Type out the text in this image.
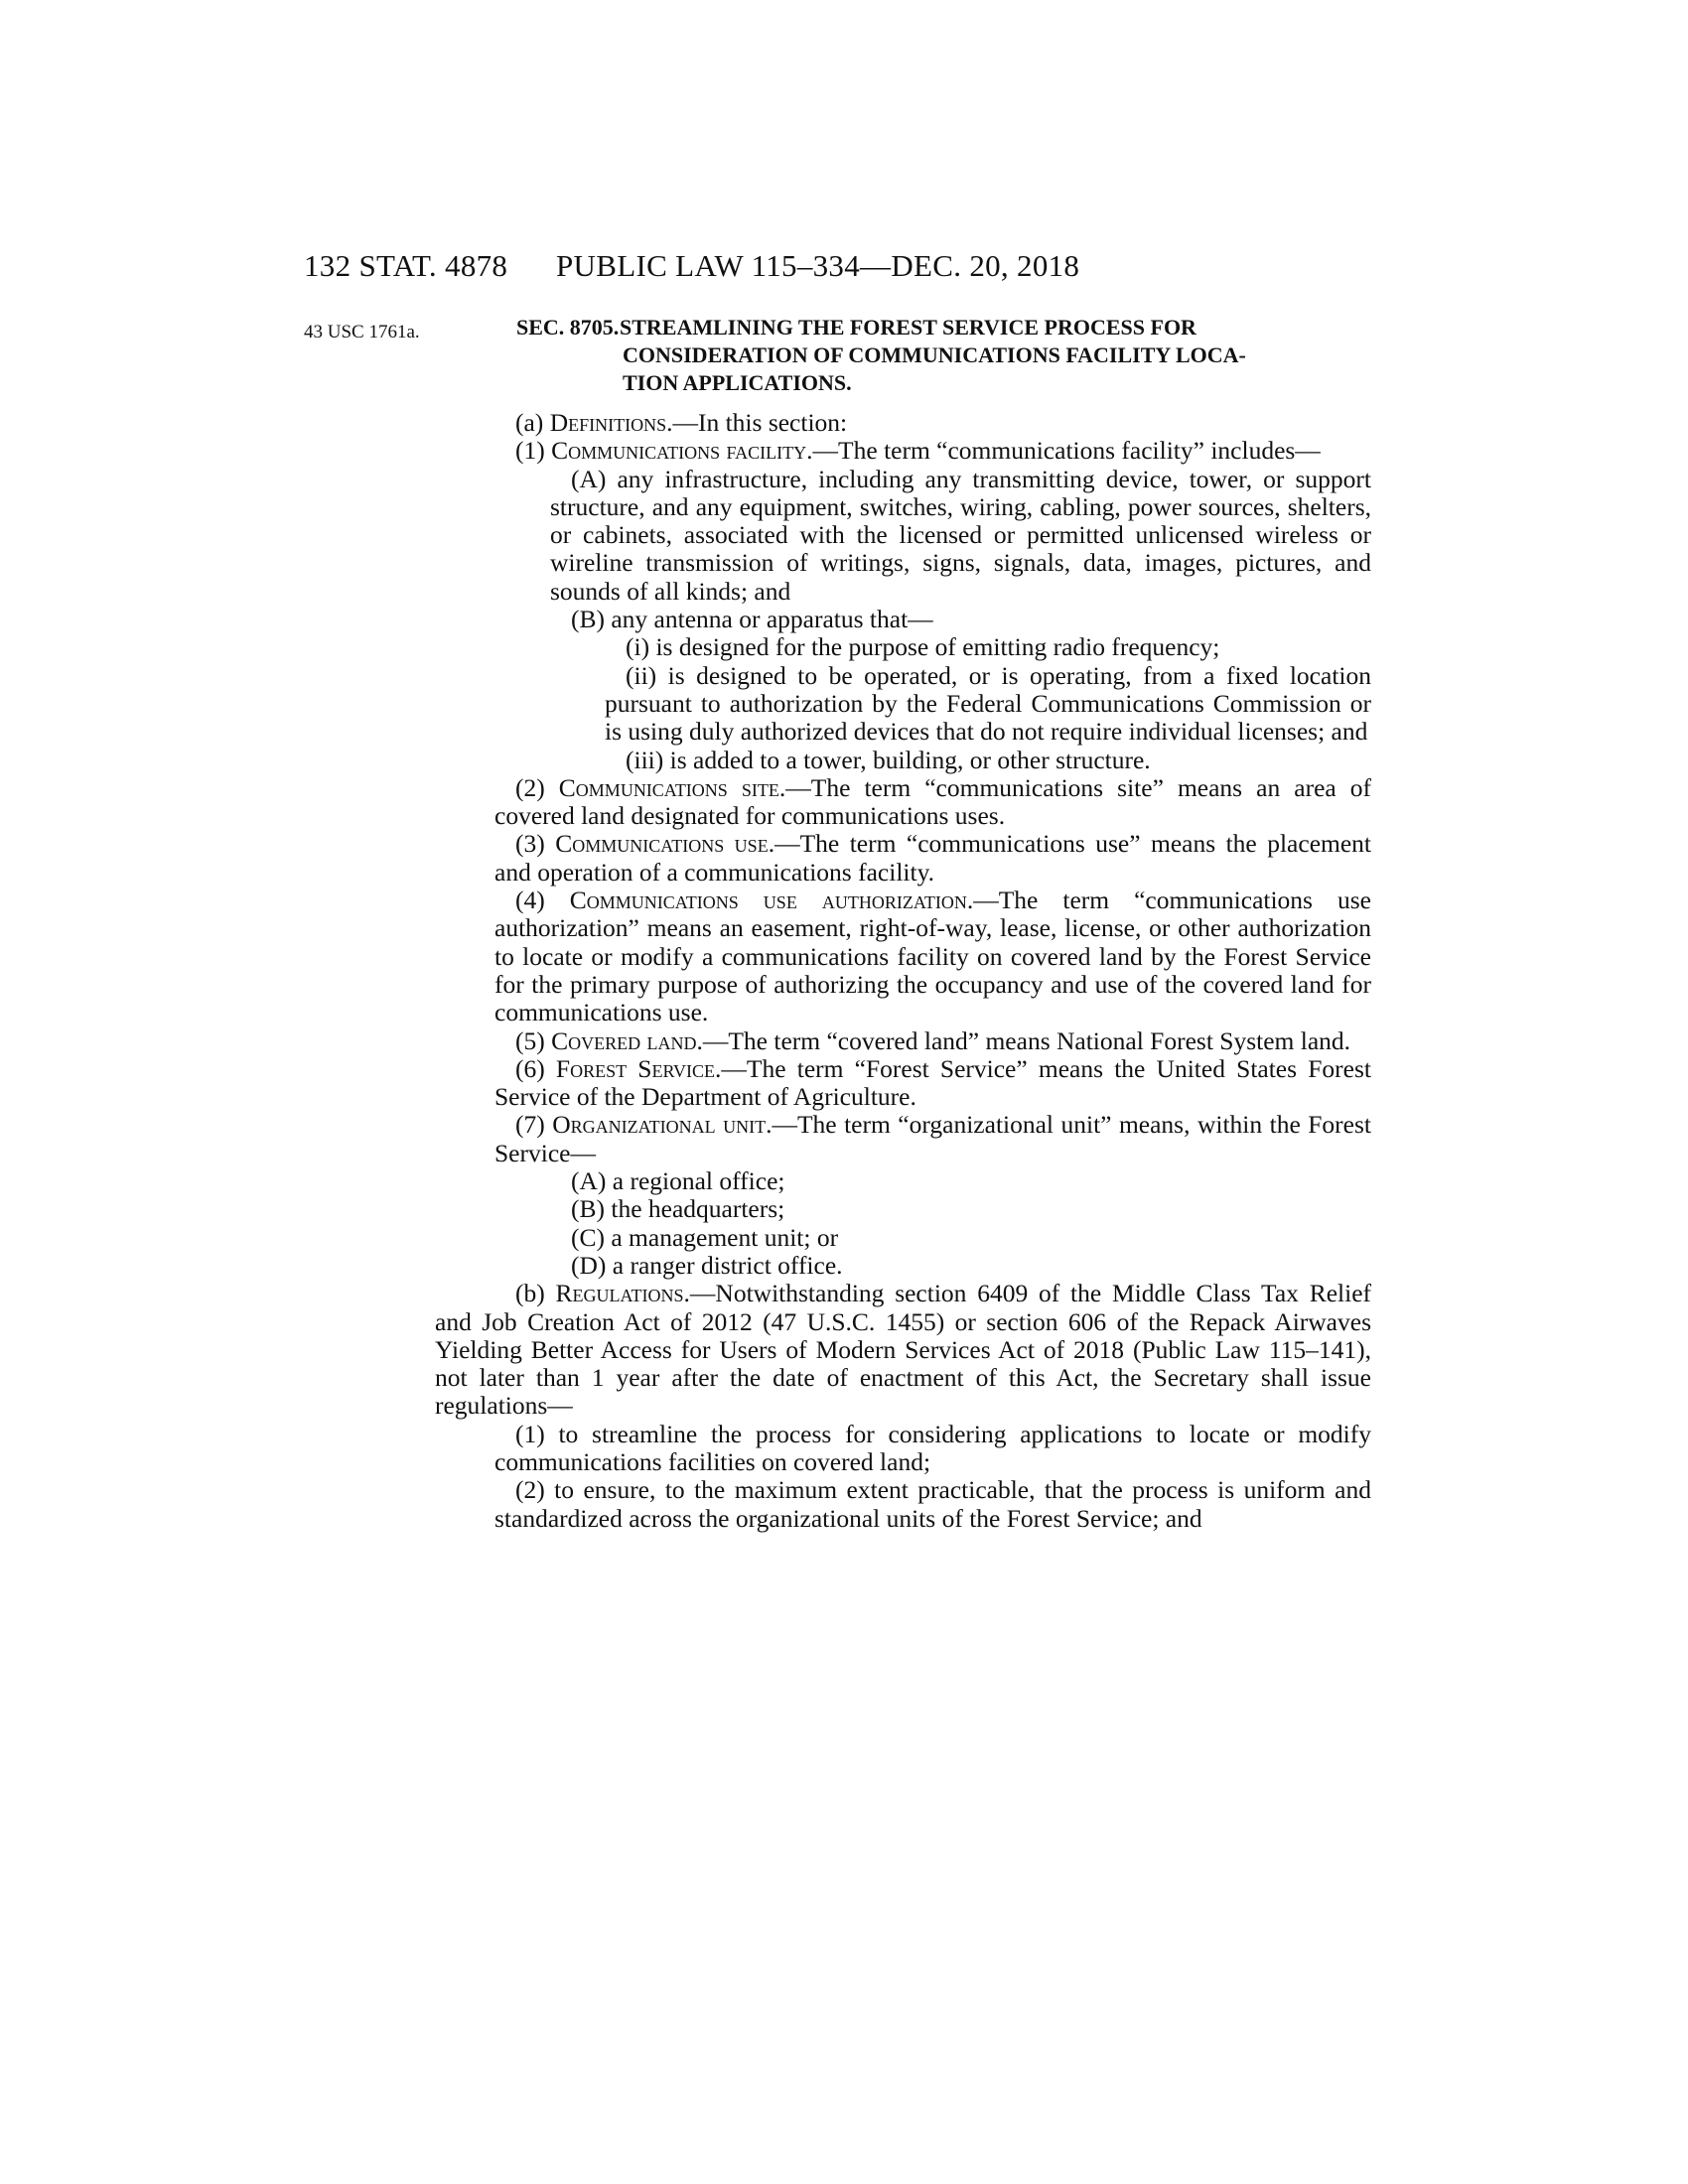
132 STAT. 4878 PUBLIC LAW 115–334—DEC. 20, 2018
43 USC 1761a.	SEC. 8705.STREAMLINING THE FOREST SERVICE PROCESS FOR
CONSIDERATION OF COMMUNICATIONS FACILITY LOCA-
TION APPLICATIONS.

(a) Definitions.—In this section:

(1) Communications facility.—The term “communications facility” includes—

(A) any infrastructure, including any transmitting device, tower, or support structure, and any equipment, switches, wiring, cabling, power sources, shelters, or cabinets, associated with the licensed or permitted unlicensed wireless or wireline transmission of writings, signs, signals, data, images, pictures, and sounds of all kinds; and

(B) any antenna or apparatus that—

(i) is designed for the purpose of emitting radio frequency;

(ii) is designed to be operated, or is operating, from a fixed location pursuant to authorization by the Federal Communications Commission or is using duly authorized devices that do not require individual licenses; and

(iii) is added to a tower, building, or other structure.

(2) Communications site.—The term “communications site” means an area of covered land designated for communications uses.

(3) Communications use.—The term “communications use” means the placement and operation of a communications facility.

(4) Communications use authorization.—The term “communications use authorization” means an easement, right-of-way, lease, license, or other authorization to locate or modify a communications facility on covered land by the Forest Service for the primary purpose of authorizing the occupancy and use of the covered land for communications use.

(5) Covered land.—The term “covered land” means National Forest System land.

(6) Forest Service.—The term “Forest Service” means the United States Forest Service of the Department of Agriculture.

(7) Organizational unit.—The term “organizational unit” means, within the Forest Service—

(A) a regional office;

(B) the headquarters;

(C) a management unit; or

(D) a ranger district office.

(b) Regulations.—Notwithstanding section 6409 of the Middle Class Tax Relief and Job Creation Act of 2012 (47 U.S.C. 1455) or section 606 of the Repack Airwaves Yielding Better Access for Users of Modern Services Act of 2018 (Public Law 115–141), not later than 1 year after the date of enactment of this Act, the Secretary shall issue regulations—

(1) to streamline the process for considering applications to locate or modify communications facilities on covered land;

(2) to ensure, to the maximum extent practicable, that the process is uniform and standardized across the organizational units of the Forest Service; and
